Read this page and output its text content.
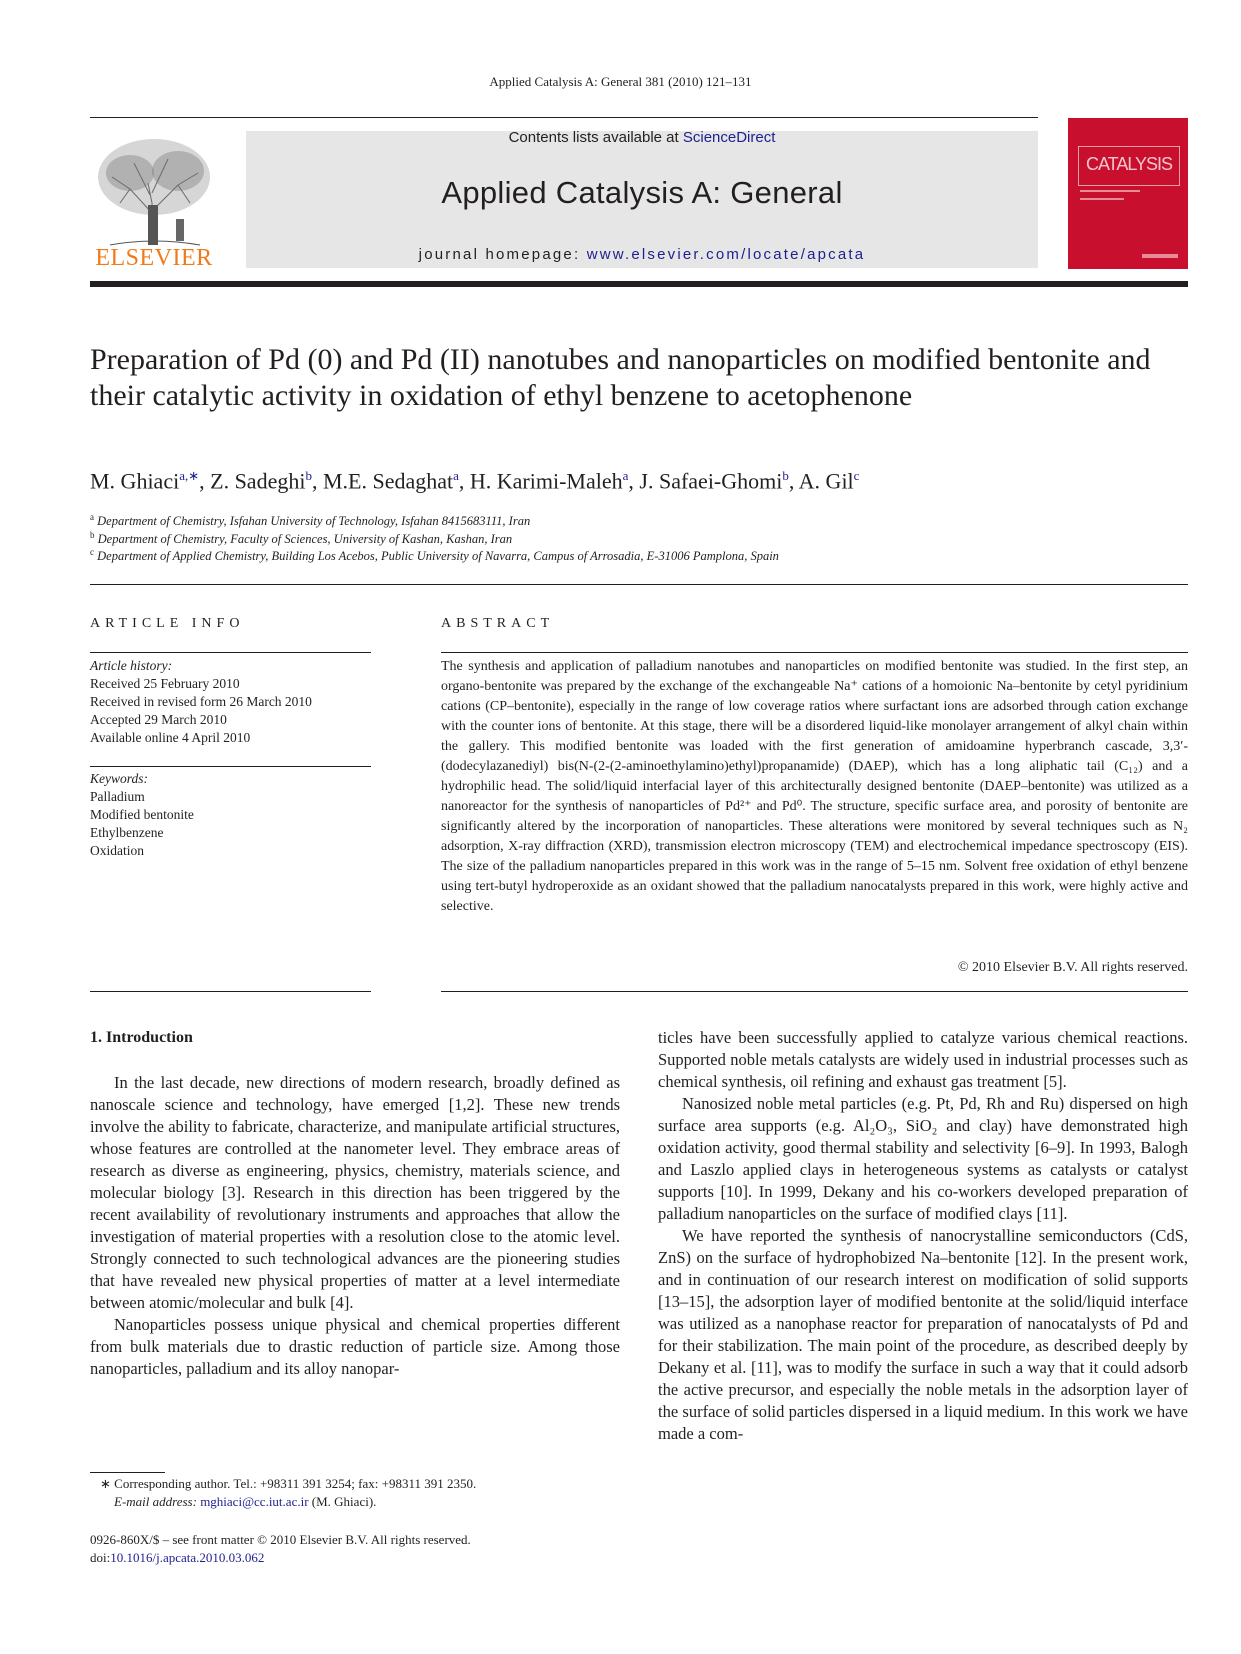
Applied Catalysis A: General 381 (2010) 121–131
ELSEVIER
Contents lists available at ScienceDirect
Applied Catalysis A: General
journal homepage: www.elsevier.com/locate/apcata
CATALYSIS
Preparation of Pd (0) and Pd (II) nanotubes and nanoparticles on modified bentonite and their catalytic activity in oxidation of ethyl benzene to acetophenone
M. Ghiaci$^{a,∗}$, Z. Sadeghi$^b$, M.E. Sedaghat$^a$, H. Karimi-Maleh$^a$, J. Safaei-Ghomi$^b$, A. Gil$^c$
$^a$ Department of Chemistry, Isfahan University of Technology, Isfahan 8415683111, Iran
$^b$ Department of Chemistry, Faculty of Sciences, University of Kashan, Kashan, Iran
$^c$ Department of Applied Chemistry, Building Los Acebos, Public University of Navarra, Campus of Arrosadia, E-31006 Pamplona, Spain
ARTICLE INFO
Article history:
Received 25 February 2010
Received in revised form 26 March 2010
Accepted 29 March 2010
Available online 4 April 2010
Keywords:
Palladium
Modified bentonite
Ethylbenzene
Oxidation
ABSTRACT
The synthesis and application of palladium nanotubes and nanoparticles on modified bentonite was studied. In the first step, an organo-bentonite was prepared by the exchange of the exchangeable Na⁺ cations of a homoionic Na–bentonite by cetyl pyridinium cations (CP–bentonite), especially in the range of low coverage ratios where surfactant ions are adsorbed through cation exchange with the counter ions of bentonite. At this stage, there will be a disordered liquid-like monolayer arrangement of alkyl chain within the gallery. This modified bentonite was loaded with the first generation of amidoamine hyperbranch cascade, 3,3′-(dodecylazanediyl) bis(N-(2-(2-aminoethylamino)ethyl)propanamide) (DAEP), which has a long aliphatic tail (C₁₂) and a hydrophilic head. The solid/liquid interfacial layer of this architecturally designed bentonite (DAEP–bentonite) was utilized as a nanoreactor for the synthesis of nanoparticles of Pd²⁺ and Pd⁰. The structure, specific surface area, and porosity of bentonite are significantly altered by the incorporation of nanoparticles. These alterations were monitored by several techniques such as N₂ adsorption, X-ray diffraction (XRD), transmission electron microscopy (TEM) and electrochemical impedance spectroscopy (EIS). The size of the palladium nanoparticles prepared in this work was in the range of 5–15 nm. Solvent free oxidation of ethyl benzene using tert-butyl hydroperoxide as an oxidant showed that the palladium nanocatalysts prepared in this work, were highly active and selective.
© 2010 Elsevier B.V. All rights reserved.
1. Introduction

In the last decade, new directions of modern research, broadly defined as nanoscale science and technology, have emerged [1,2]. These new trends involve the ability to fabricate, characterize, and manipulate artificial structures, whose features are controlled at the nanometer level. They embrace areas of research as diverse as engineering, physics, chemistry, materials science, and molecular biology [3]. Research in this direction has been triggered by the recent availability of revolutionary instruments and approaches that allow the investigation of material properties with a resolution close to the atomic level. Strongly connected to such technological advances are the pioneering studies that have revealed new physical properties of matter at a level intermediate between atomic/molecular and bulk [4].

Nanoparticles possess unique physical and chemical properties different from bulk materials due to drastic reduction of particle size. Among those nanoparticles, palladium and its alloy nanopar-

ticles have been successfully applied to catalyze various chemical reactions. Supported noble metals catalysts are widely used in industrial processes such as chemical synthesis, oil refining and exhaust gas treatment [5].

Nanosized noble metal particles (e.g. Pt, Pd, Rh and Ru) dispersed on high surface area supports (e.g. Al₂O₃, SiO₂ and clay) have demonstrated high oxidation activity, good thermal stability and selectivity [6–9]. In 1993, Balogh and Laszlo applied clays in heterogeneous systems as catalysts or catalyst supports [10]. In 1999, Dekany and his co-workers developed preparation of palladium nanoparticles on the surface of modified clays [11].

We have reported the synthesis of nanocrystalline semiconductors (CdS, ZnS) on the surface of hydrophobized Na–bentonite [12]. In the present work, and in continuation of our research interest on modification of solid supports [13–15], the adsorption layer of modified bentonite at the solid/liquid interface was utilized as a nanophase reactor for preparation of nanocatalysts of Pd and for their stabilization. The main point of the procedure, as described deeply by Dekany et al. [11], was to modify the surface in such a way that it could adsorb the active precursor, and especially the noble metals in the adsorption layer of the surface of solid particles dispersed in a liquid medium. In this work we have made a com-

∗ Corresponding author. Tel.: +98311 391 3254; fax: +98311 391 2350.
E-mail address: mghiaci@cc.iut.ac.ir (M. Ghiaci).
0926-860X/$ – see front matter © 2010 Elsevier B.V. All rights reserved.
doi:10.1016/j.apcata.2010.03.062
